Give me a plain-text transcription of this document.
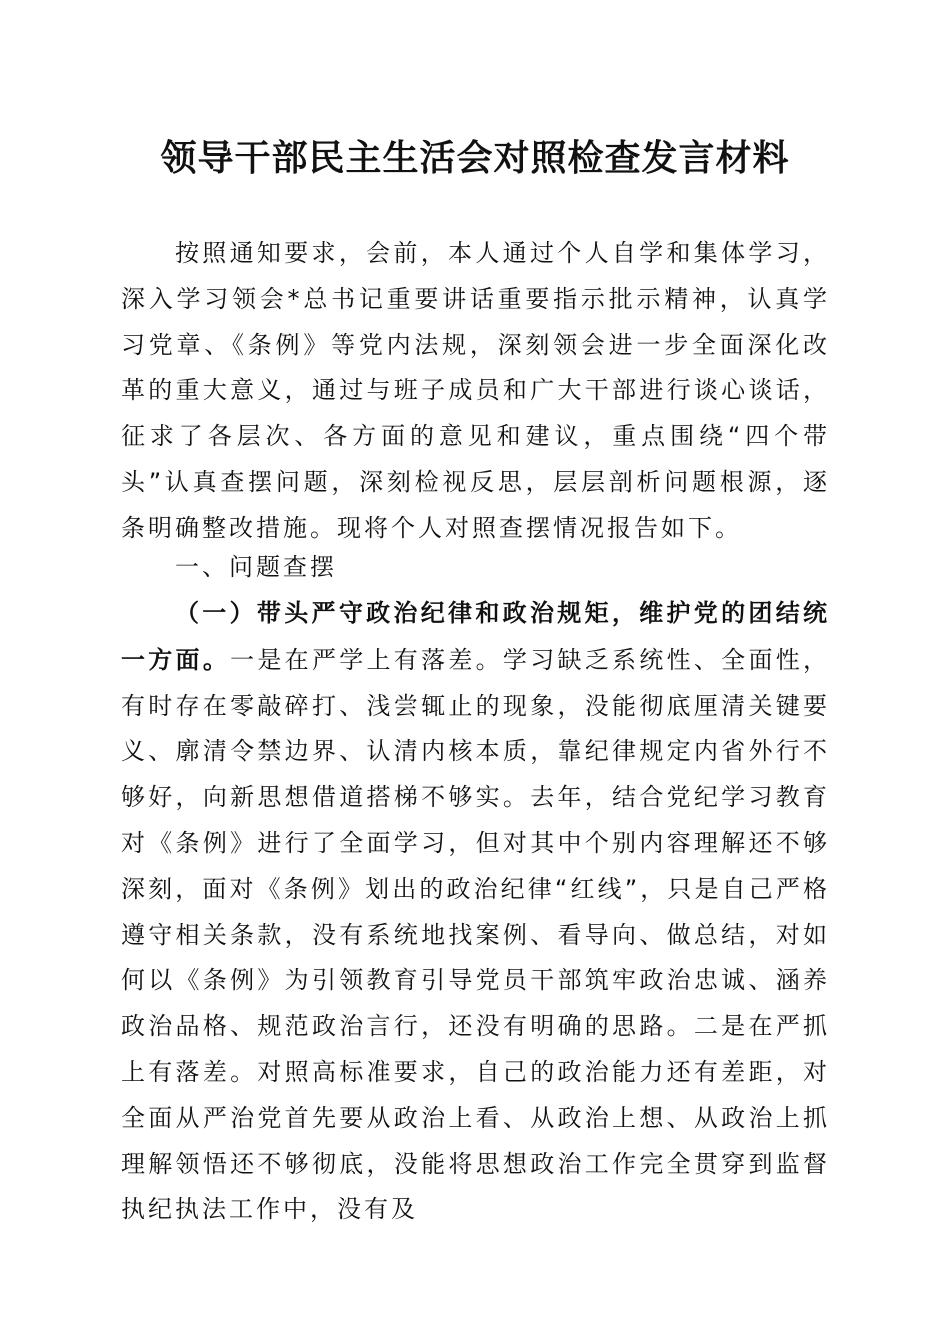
领导干部民主生活会对照检查发言材料

按照通知要求，会前，本人通过个人自学和集体学习，深入学习领会*总书记重要讲话重要指示批示精神，认真学习党章、《条例》等党内法规，深刻领会进一步全面深化改革的重大意义，通过与班子成员和广大干部进行谈心谈话，征求了各层次、各方面的意见和建议，重点围绕“四个带头”认真查摆问题，深刻检视反思，层层剖析问题根源，逐条明确整改措施。现将个人对照查摆情况报告如下。

一、问题查摆

（一）带头严守政治纪律和政治规矩，维护党的团结统一方面。一是在严学上有落差。学习缺乏系统性、全面性，有时存在零敲碎打、浅尝辄止的现象，没能彻底厘清关键要义、廓清令禁边界、认清内核本质，靠纪律规定内省外行不够好，向新思想借道搭梯不够实。去年，结合党纪学习教育对《条例》进行了全面学习，但对其中个别内容理解还不够深刻，面对《条例》划出的政治纪律“红线”，只是自己严格遵守相关条款，没有系统地找案例、看导向、做总结，对如何以《条例》为引领教育引导党员干部筑牢政治忠诚、涵养政治品格、规范政治言行，还没有明确的思路。二是在严抓上有落差。对照高标准要求，自己的政治能力还有差距，对全面从严治党首先要从政治上看、从政治上想、从政治上抓理解领悟还不够彻底，没能将思想政治工作完全贯穿到监督执纪执法工作中，没有及
